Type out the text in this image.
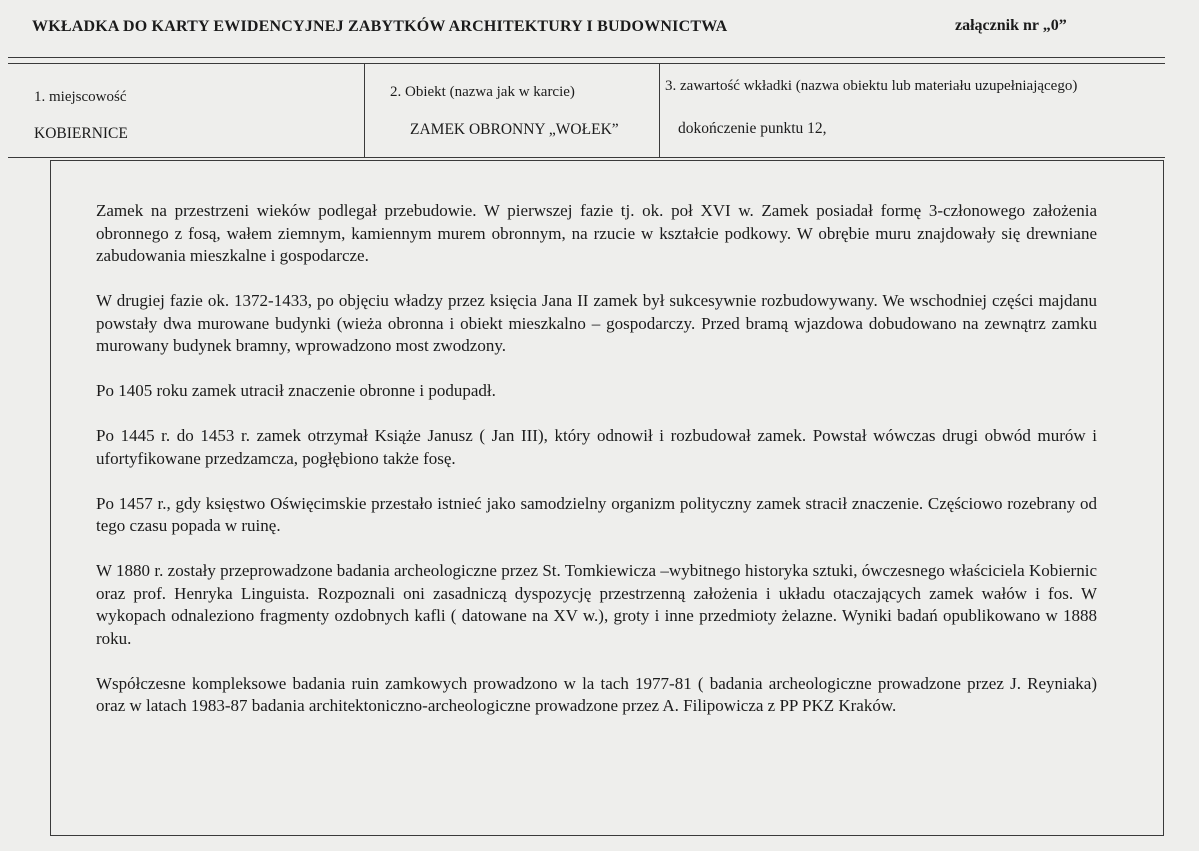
WKŁADKA DO KARTY EWIDENCYJNEJ ZABYTKÓW ARCHITEKTURY I BUDOWNICTWA	załącznik nr „0”
1. miejscowość
KOBIERNICE
2. Obiekt (nazwa jak w karcie)
ZAMEK OBRONNY „WOŁEK”
3. zawartość wkładki (nazwa obiektu lub materiału uzupełniającego)
dokończenie punktu 12,

Zamek na przestrzeni wieków podlegał przebudowie. W pierwszej fazie tj. ok. poł XVI w. Zamek posiadał formę 3-członowego założenia obronnego z fosą, wałem ziemnym, kamiennym murem obronnym, na rzucie w kształcie podkowy. W obrębie muru znajdowały się drewniane zabudowania mieszkalne i gospodarcze.

W drugiej fazie ok. 1372-1433, po objęciu władzy przez księcia Jana II zamek był sukcesywnie rozbudowywany. We wschodniej części majdanu powstały dwa murowane budynki (wieża obronna i obiekt mieszkalno – gospodarczy. Przed bramą wjazdowa dobudowano na zewnątrz zamku murowany budynek bramny, wprowadzono most zwodzony.

Po 1405 roku zamek utracił znaczenie obronne i podupadł.

Po 1445 r. do 1453 r. zamek otrzymał Książe Janusz ( Jan III), który odnowił i rozbudował zamek. Powstał wówczas drugi obwód murów i ufortyfikowane przedzamcza, pogłębiono także fosę.

Po 1457 r., gdy księstwo Oświęcimskie przestało istnieć jako samodzielny organizm polityczny zamek stracił znaczenie. Częściowo rozebrany od tego czasu popada w ruinę.

W 1880 r. zostały przeprowadzone badania archeologiczne przez St. Tomkiewicza –wybitnego historyka sztuki, ówczesnego właściciela Kobiernic oraz prof. Henryka Linguista. Rozpoznali oni zasadniczą dyspozycję przestrzenną założenia i układu otaczających zamek wałów i fos. W wykopach odnaleziono fragmenty ozdobnych kafli ( datowane na XV w.), groty i inne przedmioty żelazne. Wyniki badań opublikowano w 1888 roku.

Współczesne kompleksowe badania ruin zamkowych prowadzono w la tach 1977-81 ( badania archeologiczne prowadzone przez J. Reyniaka) oraz w latach 1983-87 badania architektoniczno-archeologiczne prowadzone przez A. Filipowicza z PP PKZ Kraków.
